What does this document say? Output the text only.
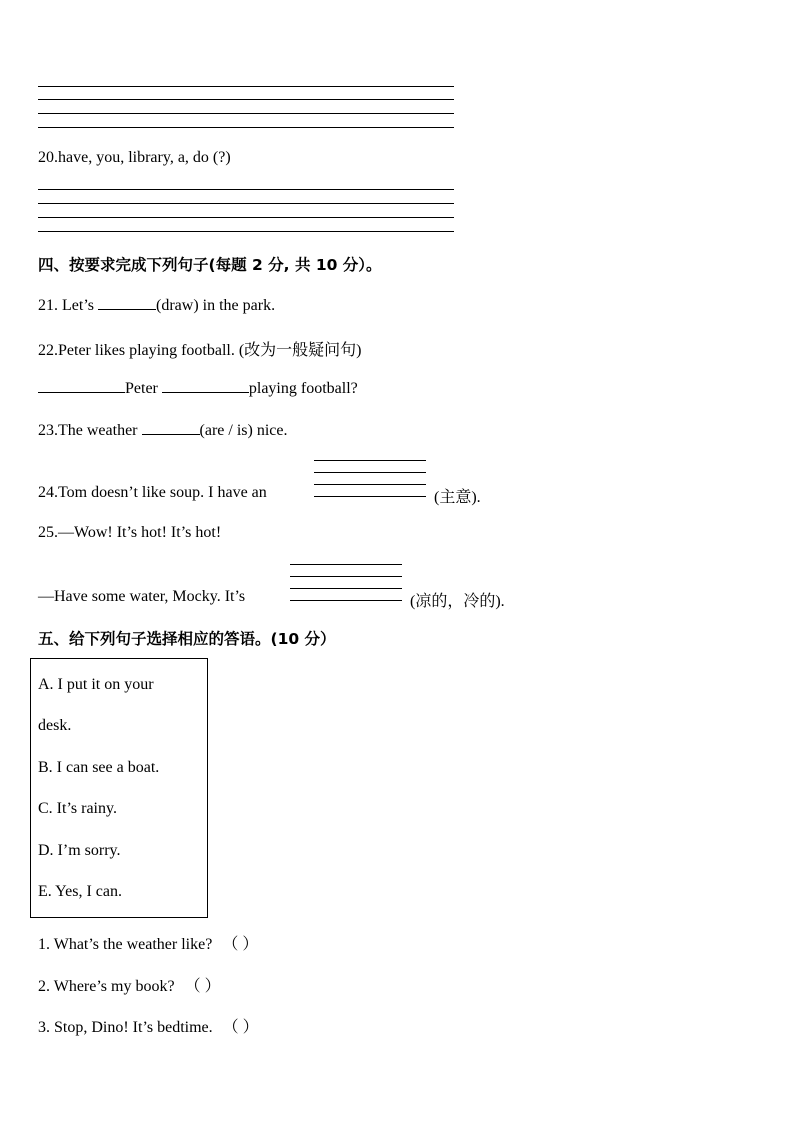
20.have, you, library, a, do (?)
四、按要求完成下列句子(每题 2 分, 共 10 分）。
21. Let’s	(draw) in the park.
22.Peter likes playing football. (改为一般疑问句)
Peter	playing football?
23.The weather	(are / is) nice.
24.Tom doesn’t like soup. I have an	(主意).
25.—Wow! It’s hot! It’s hot!
—Have some water, Mocky. It’s	(凉的，冷的).
五、给下列句子选择相应的答语。(10 分）
A. I put it on your
desk.
B. I can see a boat.
C. It’s rainy.
D. I’m sorry.
E. Yes, I can.
1. What’s the weather like? （ ）
2. Where’s my book? （ ）
3. Stop, Dino! It’s bedtime. （ ）
